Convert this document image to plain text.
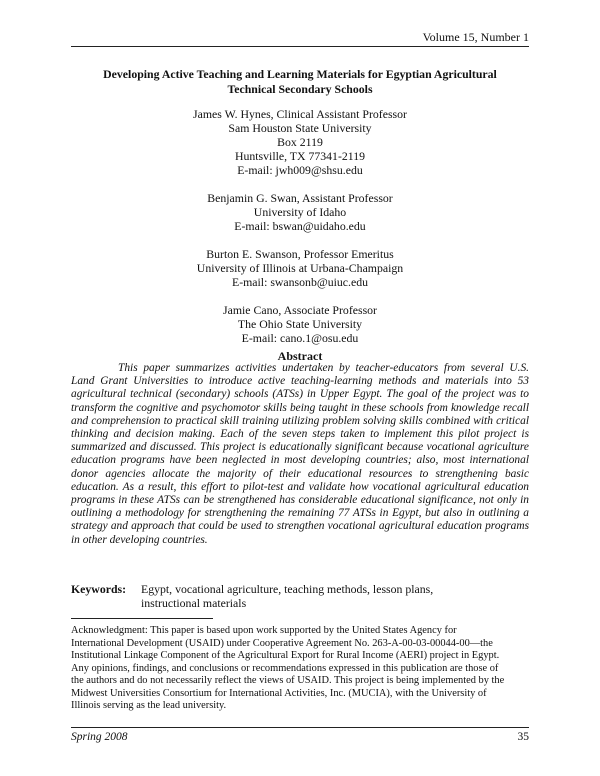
Volume 15, Number 1
Developing Active Teaching and Learning Materials for Egyptian Agricultural
Technical Secondary Schools
James W. Hynes, Clinical Assistant Professor
Sam Houston State University
Box 2119
Huntsville, TX 77341-2119
E-mail: jwh009@shsu.edu
Benjamin G. Swan, Assistant Professor
University of Idaho
E-mail: bswan@uidaho.edu
Burton E. Swanson, Professor Emeritus
University of Illinois at Urbana-Champaign
E-mail: swansonb@uiuc.edu
Jamie Cano, Associate Professor
The Ohio State University
E-mail: cano.1@osu.edu
Abstract

This paper summarizes activities undertaken by teacher-educators from several U.S. Land Grant Universities to introduce active teaching-learning methods and materials into 53 agricultural technical (secondary) schools (ATSs) in Upper Egypt. The goal of the project was to transform the cognitive and psychomotor skills being taught in these schools from knowledge recall and comprehension to practical skill training utilizing problem solving skills combined with critical thinking and decision making. Each of the seven steps taken to implement this pilot project is summarized and discussed. This project is educationally significant because vocational agriculture education programs have been neglected in most developing countries; also, most international donor agencies allocate the majority of their educational resources to strengthening basic education. As a result, this effort to pilot-test and validate how vocational agricultural education programs in these ATSs can be strengthened has considerable educational significance, not only in outlining a methodology for strengthening the remaining 77 ATSs in Egypt, but also in outlining a strategy and approach that could be used to strengthen vocational agricultural education programs in other developing countries.

Keywords: Egypt, vocational agriculture, teaching methods, lesson plans,
instructional materials
Acknowledgment: This paper is based upon work supported by the United States Agency for International Development (USAID) under Cooperative Agreement No. 263-A-00-03-00044-00—the Institutional Linkage Component of the Agricultural Export for Rural Income (AERI) project in Egypt. Any opinions, findings, and conclusions or recommendations expressed in this publication are those of the authors and do not necessarily reflect the views of USAID. This project is being implemented by the Midwest Universities Consortium for International Activities, Inc. (MUCIA), with the University of Illinois serving as the lead university.
Spring 2008	35
